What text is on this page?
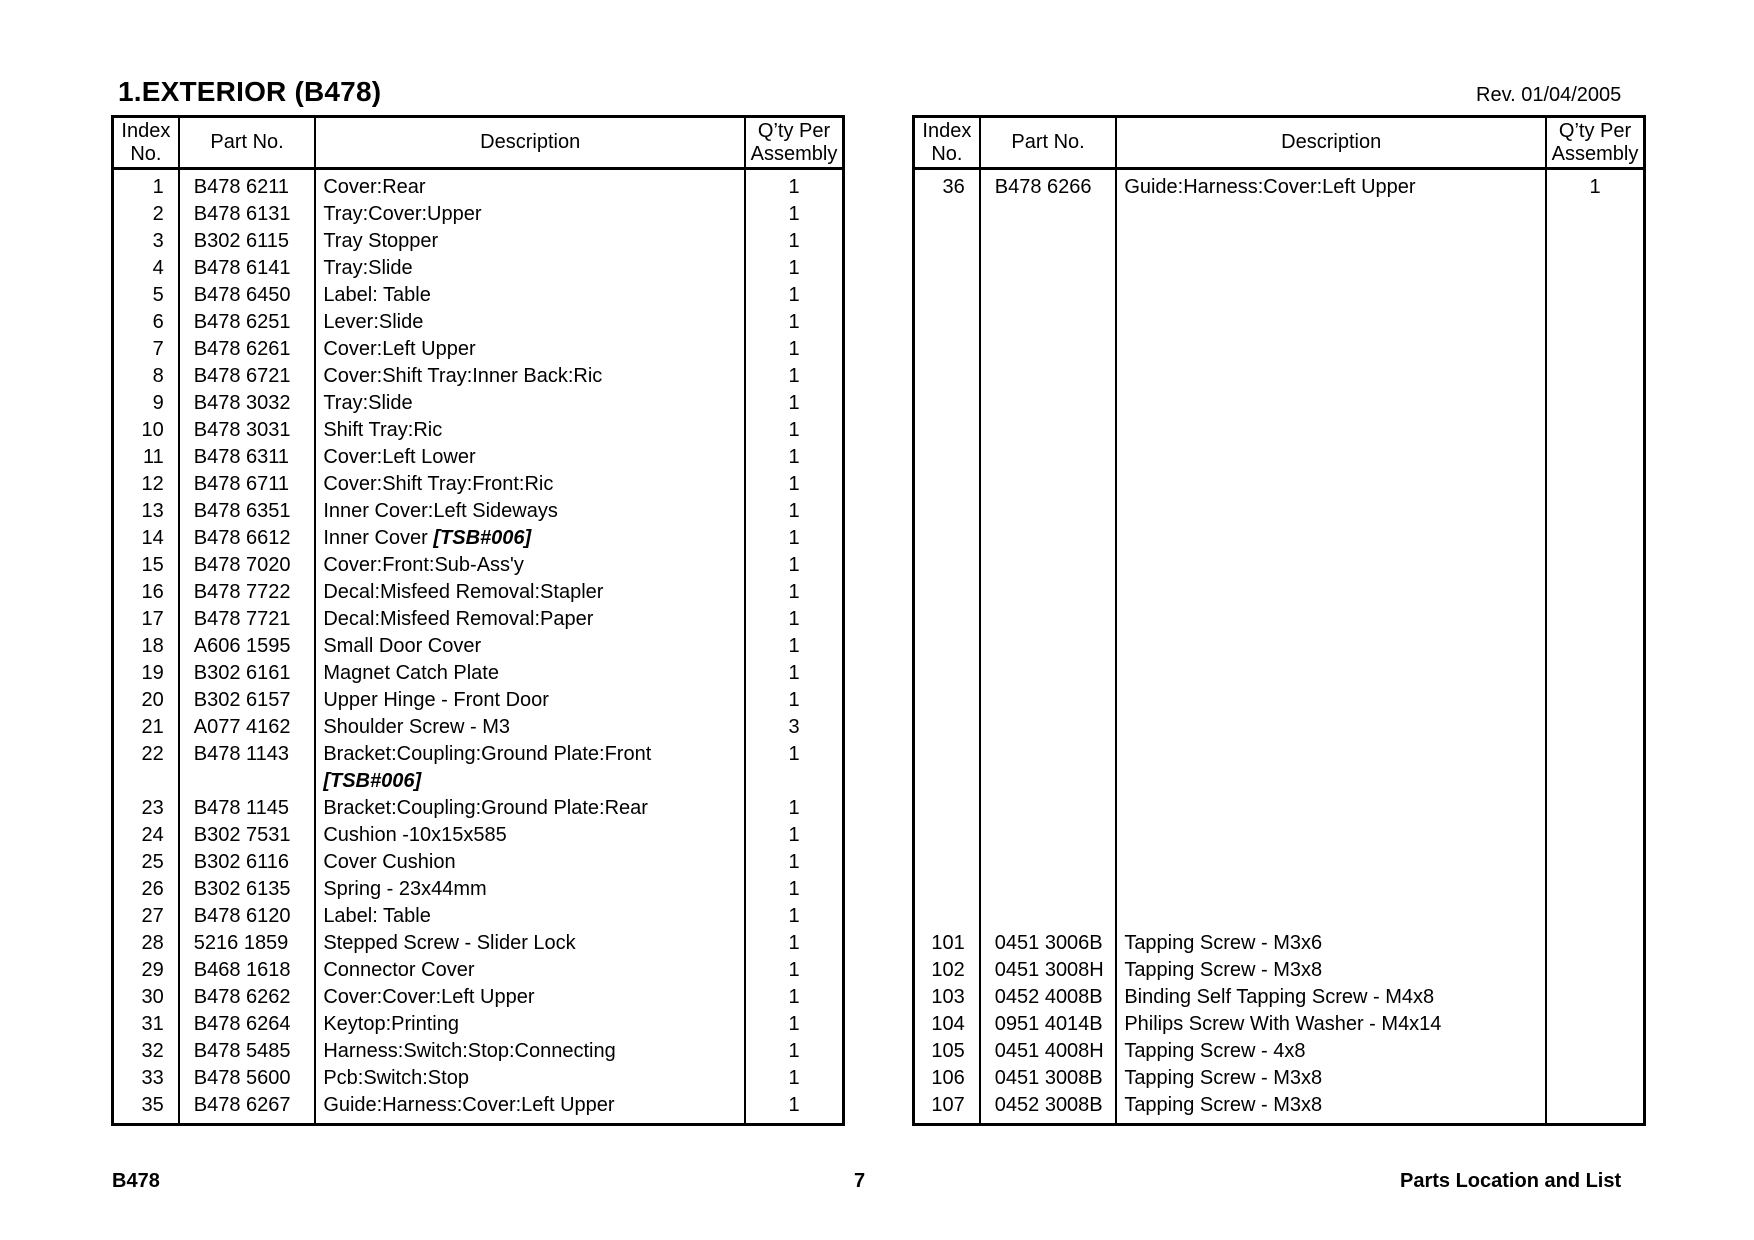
1.EXTERIOR (B478)	Rev. 01/04/2005
Index
No.	Part No.	Description	Q’ty Per
Assembly
1	B478 6211	Cover:Rear	1
2	B478 6131	Tray:Cover:Upper	1
3	B302 6115	Tray Stopper	1
4	B478 6141	Tray:Slide	1
5	B478 6450	Label: Table	1
6	B478 6251	Lever:Slide	1
7	B478 6261	Cover:Left Upper	1
8	B478 6721	Cover:Shift Tray:Inner Back:Ric	1
9	B478 3032	Tray:Slide	1
10	B478 3031	Shift Tray:Ric	1
11	B478 6311	Cover:Left Lower	1
12	B478 6711	Cover:Shift Tray:Front:Ric	1
13	B478 6351	Inner Cover:Left Sideways	1
14	B478 6612	Inner Cover [TSB#006]	1
15	B478 7020	Cover:Front:Sub-Ass'y	1
16	B478 7722	Decal:Misfeed Removal:Stapler	1
17	B478 7721	Decal:Misfeed Removal:Paper	1
18	A606 1595	Small Door Cover	1
19	B302 6161	Magnet Catch Plate	1
20	B302 6157	Upper Hinge - Front Door	1
21	A077 4162	Shoulder Screw - M3	3
22	B478 1143	Bracket:Coupling:Ground Plate:Front	1
		[TSB#006]	
23	B478 1145	Bracket:Coupling:Ground Plate:Rear	1
24	B302 7531	Cushion -10x15x585	1
25	B302 6116	Cover Cushion	1
26	B302 6135	Spring - 23x44mm	1
27	B478 6120	Label: Table	1
28	5216 1859	Stepped Screw - Slider Lock	1
29	B468 1618	Connector Cover	1
30	B478 6262	Cover:Cover:Left Upper	1
31	B478 6264	Keytop:Printing	1
32	B478 5485	Harness:Switch:Stop:Connecting	1
33	B478 5600	Pcb:Switch:Stop	1
35	B478 6267	Guide:Harness:Cover:Left Upper	1
Index
No.	Part No.	Description	Q’ty Per
Assembly
36	B478 6266	Guide:Harness:Cover:Left Upper	1

101	0451 3006B	Tapping Screw - M3x6	
102	0451 3008H	Tapping Screw - M3x8	
103	0452 4008B	Binding Self Tapping Screw - M4x8	
104	0951 4014B	Philips Screw With Washer - M4x14	
105	0451 4008H	Tapping Screw - 4x8	
106	0451 3008B	Tapping Screw - M3x8	
107	0452 3008B	Tapping Screw - M3x8	
B478	7	Parts Location and List
